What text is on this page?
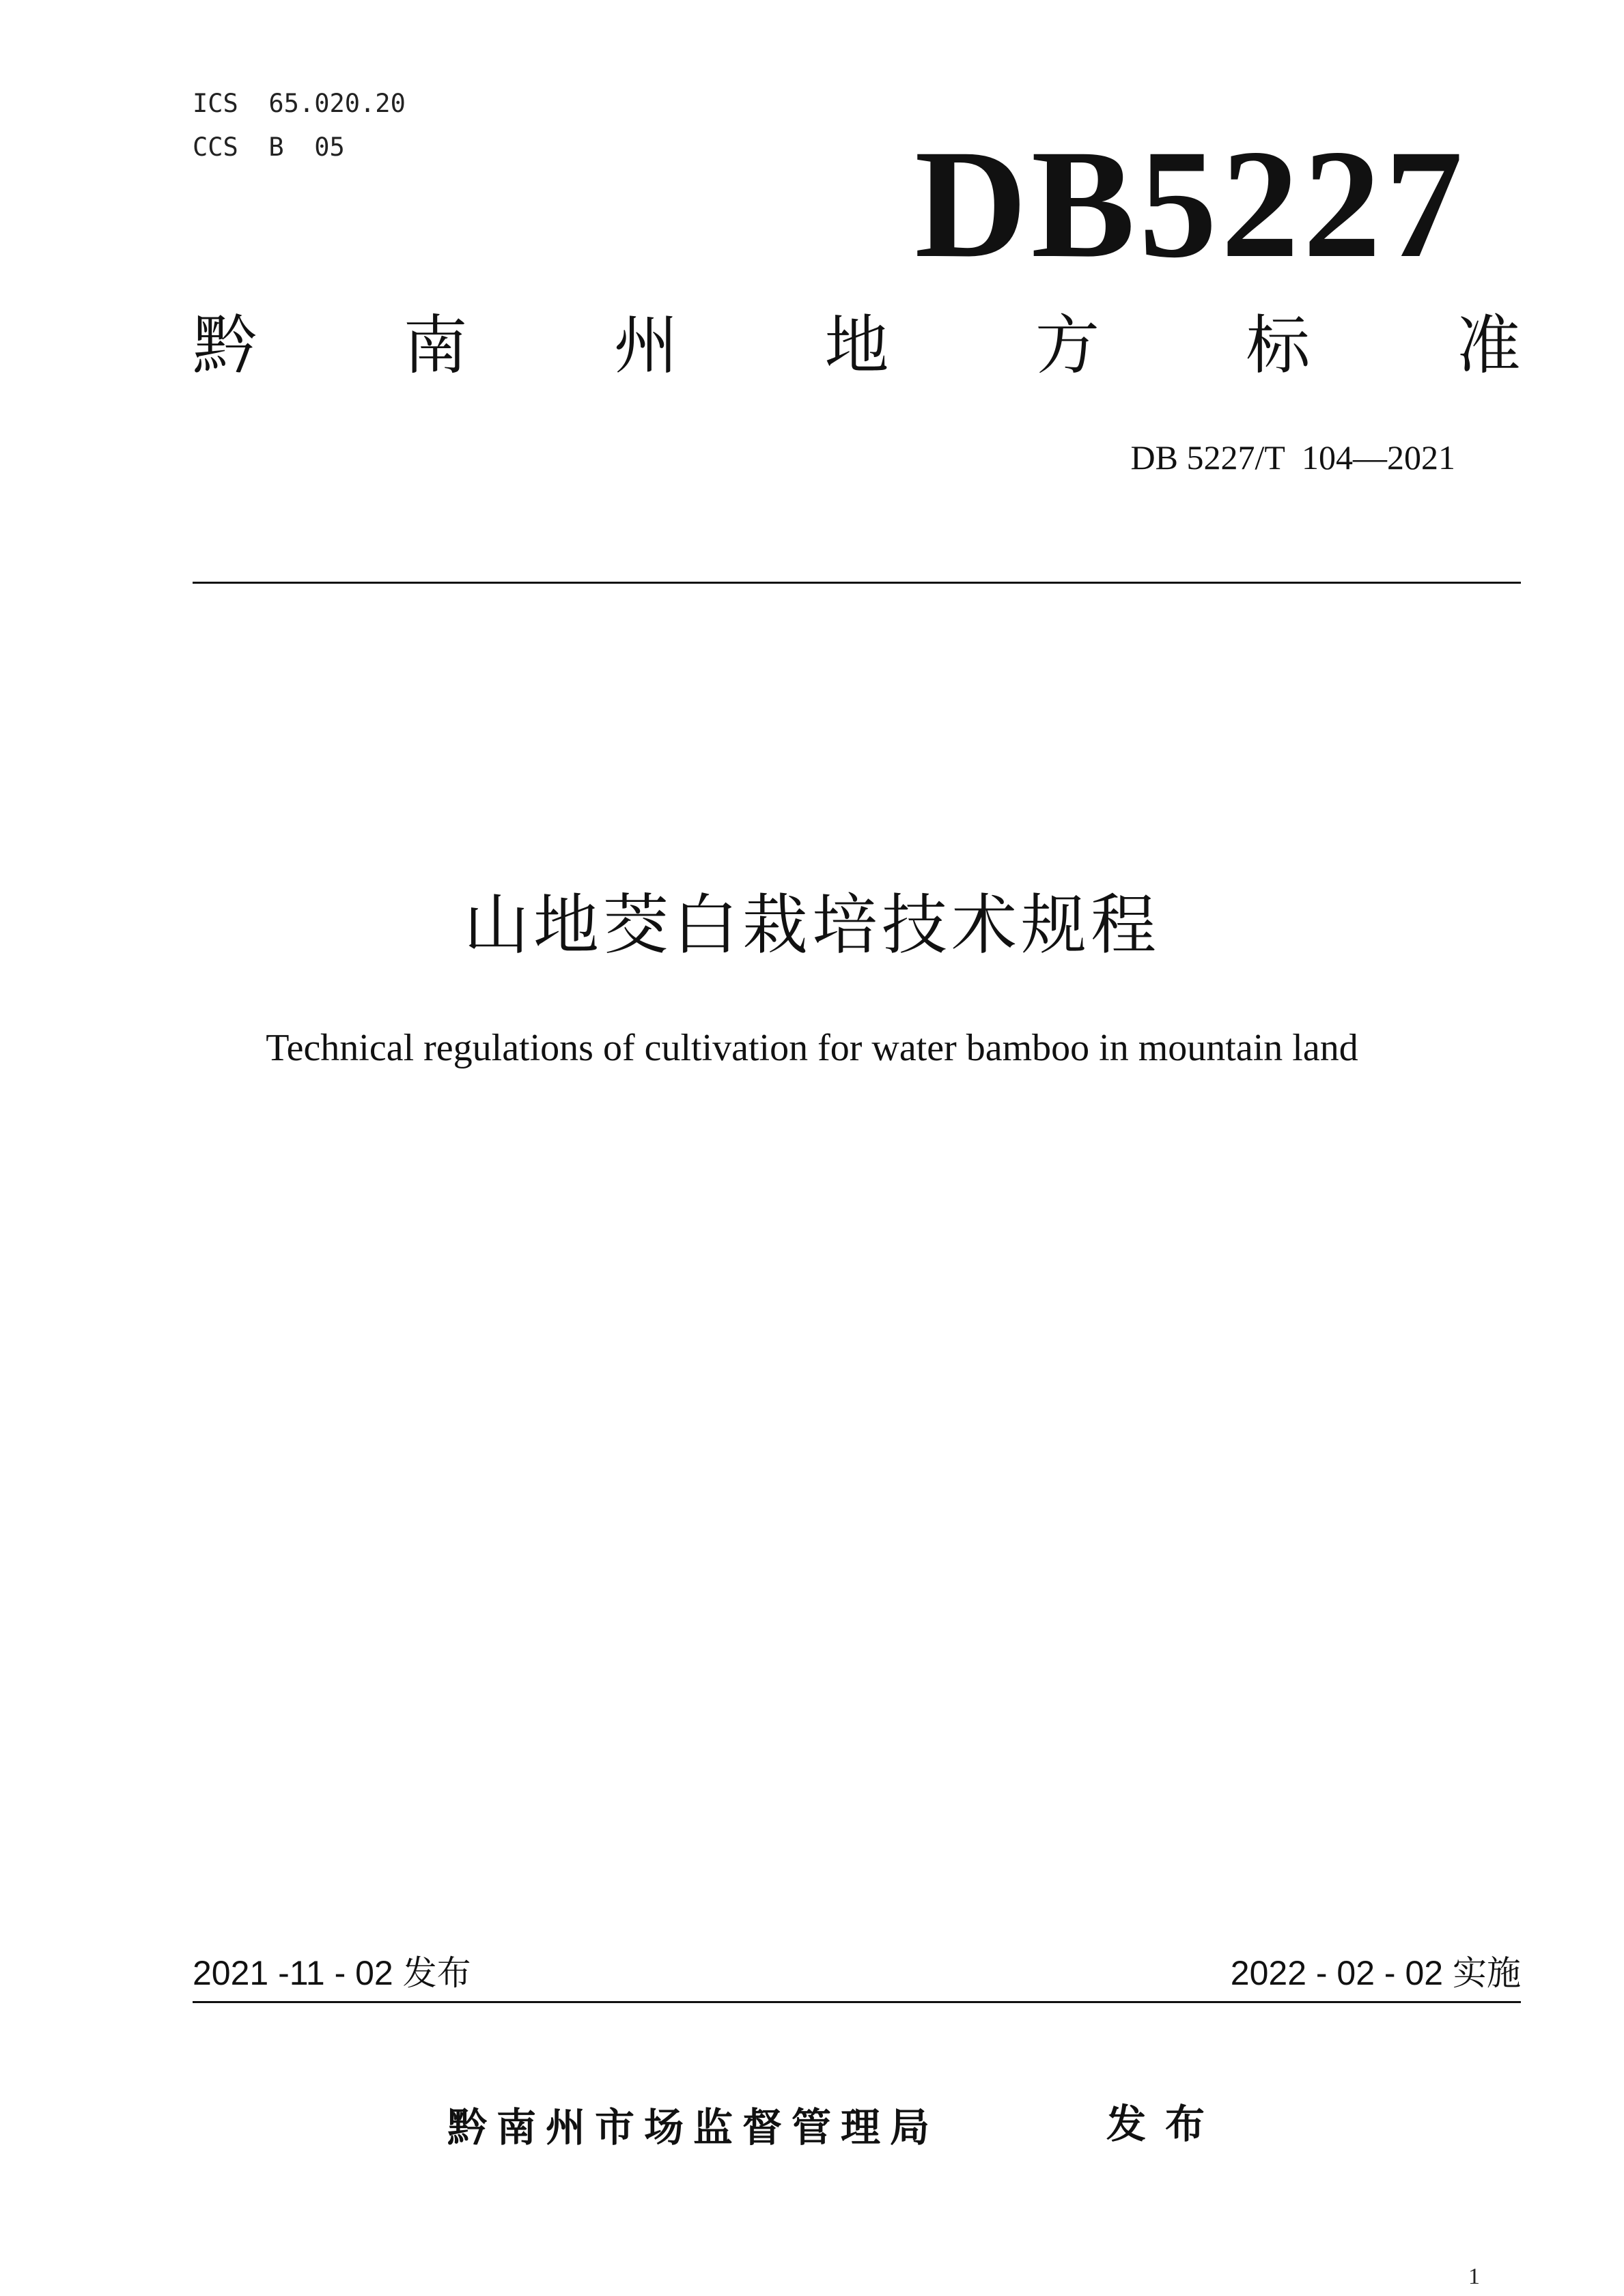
ICS  65.020.20
CCS  B  05	DB5227
黔 南 州 地 方 标 准
DB 5227/T  104—2021
山地茭白栽培技术规程
Technical regulations of cultivation for water bamboo in mountain land
2021 -11 - 02 发布	2022 - 02 - 02 实施
黔南州市场监督管理局	发布
1
